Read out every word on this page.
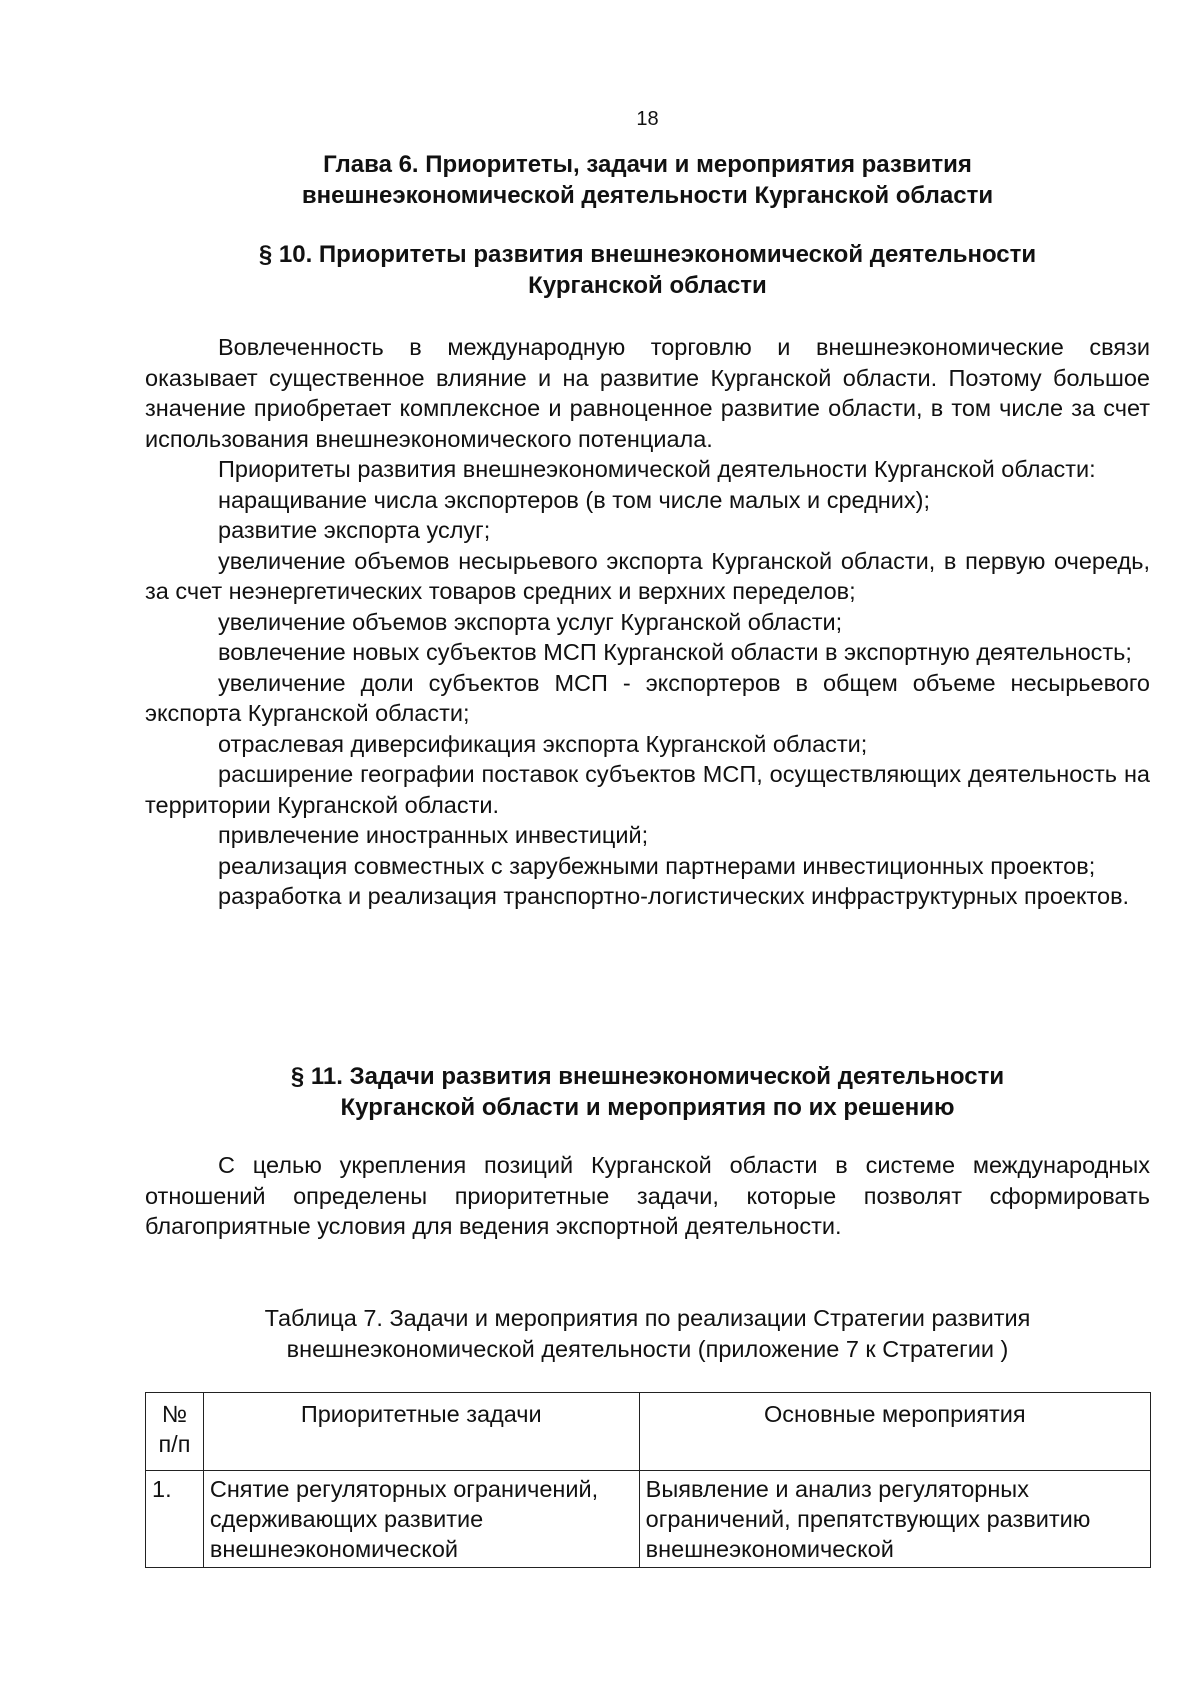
18
Глава 6. Приоритеты, задачи и мероприятия развития
внешнеэкономической деятельности Курганской области
§ 10. Приоритеты развития внешнеэкономической деятельности
Курганской области

Вовлеченность в международную торговлю и внешнеэкономические связи оказывает существенное влияние и на развитие Курганской области. Поэтому большое значение приобретает комплексное и равноценное развитие области, в том числе за счет использования внешнеэкономического потенциала.

Приоритеты развития внешнеэкономической деятельности Курганской области:

наращивание числа экспортеров (в том числе малых и средних);

развитие экспорта услуг;

увеличение объемов несырьевого экспорта Курганской области, в первую очередь, за счет неэнергетических товаров средних и верхних переделов;

увеличение объемов экспорта услуг Курганской области;

вовлечение новых субъектов МСП Курганской области в экспортную деятельность;

увеличение доли субъектов МСП - экспортеров в общем объеме несырьевого экспорта Курганской области;

отраслевая диверсификация экспорта Курганской области;

расширение географии поставок субъектов МСП, осуществляющих деятельность на территории Курганской области.

привлечение иностранных инвестиций;

реализация совместных с зарубежными партнерами инвестиционных проектов;

разработка и реализация транспортно-логистических инфраструктурных проектов.

§ 11. Задачи развития внешнеэкономической деятельности
Курганской области и мероприятия по их решению

С целью укрепления позиций Курганской области в системе международных отношений определены приоритетные задачи, которые позволят сформировать благоприятные условия для ведения экспортной деятельности.

Таблица 7. Задачи и мероприятия по реализации Стратегии развития
внешнеэкономической деятельности (приложение 7 к Стратегии )
№ п/п	Приоритетные задачи	Основные мероприятия
1.	Снятие регуляторных ограничений, сдерживающих развитие внешнеэкономической	Выявление и анализ регуляторных ограничений, препятствующих развитию внешнеэкономической
